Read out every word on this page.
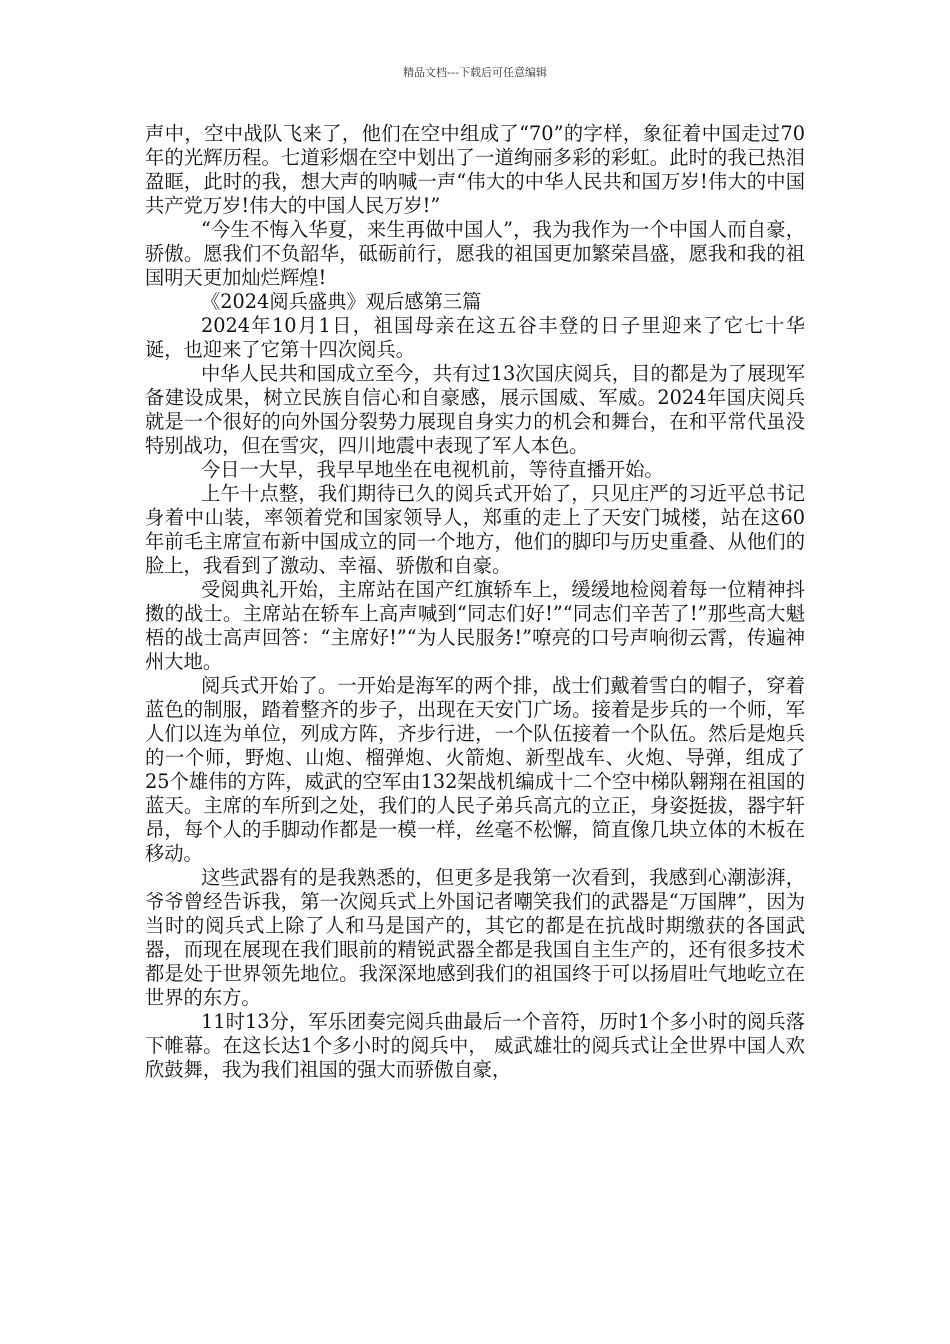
精品文档---下载后可任意编辑

声中，空中战队飞来了，他们在空中组成了“70”的字样，象征着中国走过70年的光辉历程。七道彩烟在空中划出了一道绚丽多彩的彩虹。此时的我已热泪盈眶，此时的我，想大声的呐喊一声“伟大的中华人民共和国万岁!伟大的中国共产党万岁!伟大的中国人民万岁!”

“今生不悔入华夏，来生再做中国人”，我为我作为一个中国人而自豪，骄傲。愿我们不负韶华，砥砺前行，愿我的祖国更加繁荣昌盛，愿我和我的祖国明天更加灿烂辉煌!

《2024阅兵盛典》观后感第三篇

2024年10月1日，祖国母亲在这五谷丰登的日子里迎来了它七十华诞，也迎来了它第十四次阅兵。

中华人民共和国成立至今，共有过13次国庆阅兵，目的都是为了展现军备建设成果，树立民族自信心和自豪感，展示国威、军威。2024年国庆阅兵就是一个很好的向外国分裂势力展现自身实力的机会和舞台，在和平常代虽没特别战功，但在雪灾，四川地震中表现了军人本色。

今日一大早，我早早地坐在电视机前，等待直播开始。

上午十点整，我们期待已久的阅兵式开始了，只见庄严的习近平总书记身着中山装，率领着党和国家领导人，郑重的走上了天安门城楼，站在这60年前毛主席宣布新中国成立的同一个地方，他们的脚印与历史重叠、从他们的脸上，我看到了激动、幸福、骄傲和自豪。

受阅典礼开始，主席站在国产红旗轿车上，缓缓地检阅着每一位精神抖擞的战士。主席站在轿车上高声喊到“同志们好!”“同志们辛苦了!”那些高大魁梧的战士高声回答：“主席好!”“为人民服务!”嘹亮的口号声响彻云霄，传遍神州大地。

阅兵式开始了。一开始是海军的两个排，战士们戴着雪白的帽子，穿着蓝色的制服，踏着整齐的步子，出现在天安门广场。接着是步兵的一个师，军人们以连为单位，列成方阵，齐步行进，一个队伍接着一个队伍。然后是炮兵的一个师，野炮、山炮、榴弹炮、火箭炮、新型战车、火炮、导弹，组成了25个雄伟的方阵，威武的空军由132架战机编成十二个空中梯队翱翔在祖国的蓝天。主席的车所到之处，我们的人民子弟兵高亢的立正，身姿挺拔，器宇轩昂，每个人的手脚动作都是一模一样，丝毫不松懈，简直像几块立体的木板在移动。

这些武器有的是我熟悉的，但更多是我第一次看到，我感到心潮澎湃，爷爷曾经告诉我，第一次阅兵式上外国记者嘲笑我们的武器是“万国牌”，因为当时的阅兵式上除了人和马是国产的，其它的都是在抗战时期缴获的各国武器，而现在展现在我们眼前的精锐武器全都是我国自主生产的，还有很多技术都是处于世界领先地位。我深深地感到我们的祖国终于可以扬眉吐气地屹立在世界的东方。

11时13分，军乐团奏完阅兵曲最后一个音符，历时1个多小时的阅兵落下帷幕。在这长达1个多小时的阅兵中， 威武雄壮的阅兵式让全世界中国人欢欣鼓舞，我为我们祖国的强大而骄傲自豪，
